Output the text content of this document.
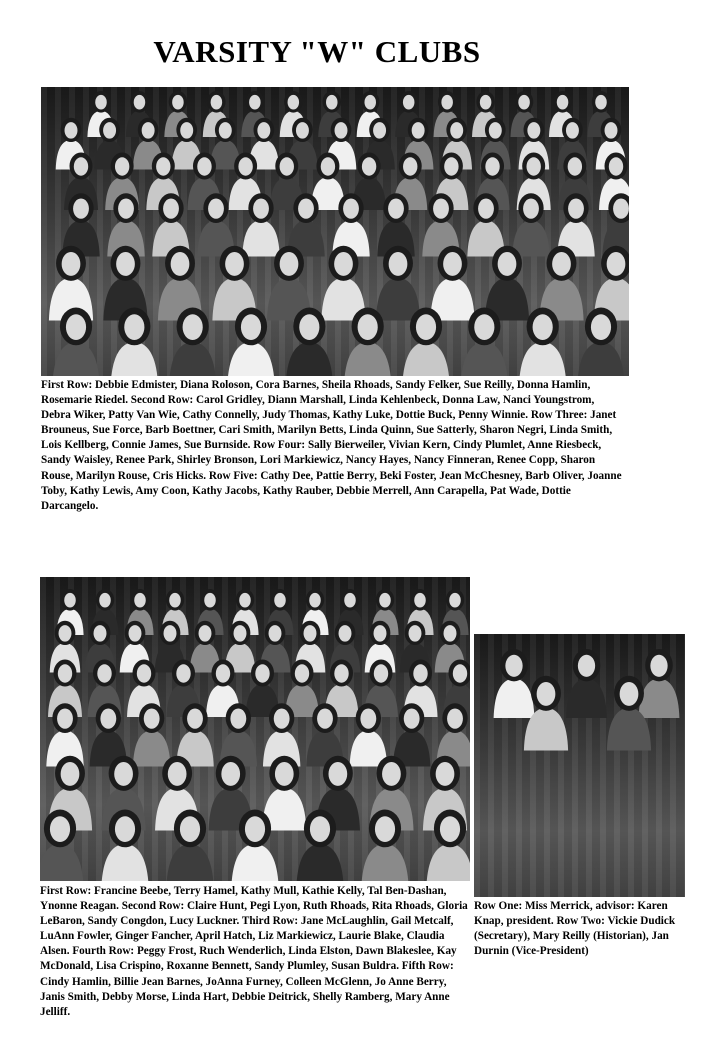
VARSITY "W" CLUBS
First Row: Debbie Edmister, Diana Roloson, Cora Barnes, Sheila Rhoads, Sandy Felker, Sue Reilly, Donna Hamlin, Rosemarie Riedel. Second Row: Carol Gridley, Diann Marshall, Linda Kehlenbeck, Donna Law, Nanci Youngstrom, Debra Wiker, Patty Van Wie, Cathy Connelly, Judy Thomas, Kathy Luke, Dottie Buck, Penny Winnie. Row Three: Janet Brouneus, Sue Force, Barb Boettner, Cari Smith, Marilyn Betts, Linda Quinn, Sue Satterly, Sharon Negri, Linda Smith, Lois Kellberg, Connie James, Sue Burnside. Row Four: Sally Bierweiler, Vivian Kern, Cindy Plumlet, Anne Riesbeck, Sandy Waisley, Renee Park, Shirley Bronson, Lori Markiewicz, Nancy Hayes, Nancy Finneran, Renee Copp, Sharon Rouse, Marilyn Rouse, Cris Hicks. Row Five: Cathy Dee, Pattie Berry, Beki Foster, Jean McChesney, Barb Oliver, Joanne Toby, Kathy Lewis, Amy Coon, Kathy Jacobs, Kathy Rauber, Debbie Merrell, Ann Carapella, Pat Wade, Dottie Darcangelo.
First Row: Francine Beebe, Terry Hamel, Kathy Mull, Kathie Kelly, Tal Ben-Dashan, Ynonne Reagan. Second Row: Claire Hunt, Pegi Lyon, Ruth Rhoads, Rita Rhoads, Gloria LeBaron, Sandy Congdon, Lucy Luckner. Third Row: Jane McLaughlin, Gail Metcalf, LuAnn Fowler, Ginger Fancher, April Hatch, Liz Markiewicz, Laurie Blake, Claudia Alsen. Fourth Row: Peggy Frost, Ruch Wenderlich, Linda Elston, Dawn Blakeslee, Kay McDonald, Lisa Crispino, Roxanne Bennett, Sandy Plumley, Susan Buldra. Fifth Row: Cindy Hamlin, Billie Jean Barnes, JoAnna Furney, Colleen McGlenn, Jo Anne Berry, Janis Smith, Debby Morse, Linda Hart, Debbie Deitrick, Shelly Ramberg, Mary Anne Jelliff.
Row One: Miss Merrick, advisor: Karen Knap, president. Row Two: Vickie Dudick (Secretary), Mary Reilly (Historian), Jan Durnin (Vice-President)
